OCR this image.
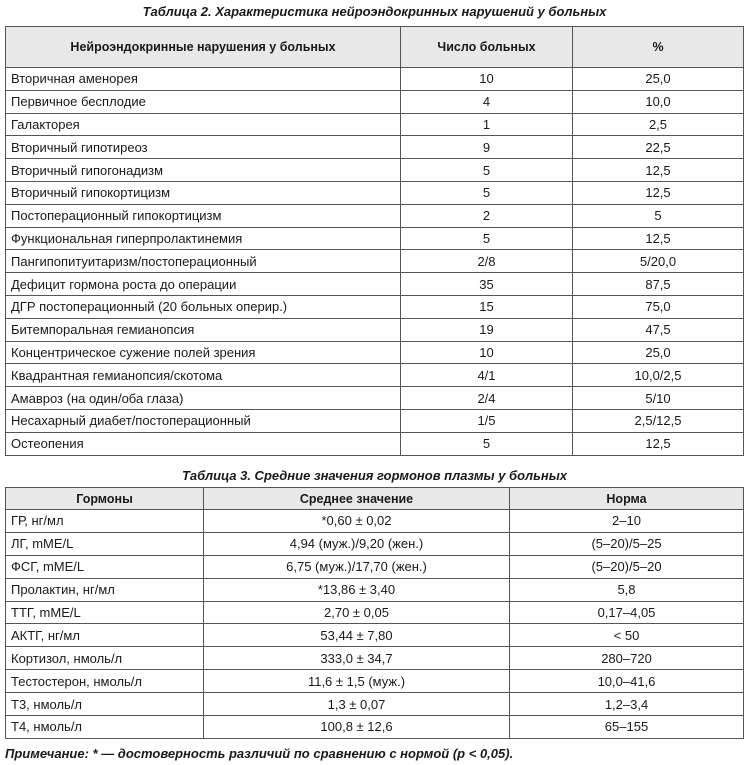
Таблица 2. Характеристика нейроэндокринных нарушений у больных
Нейроэндокринные нарушения у больных	Число больных	%
Вторичная аменорея	10	25,0
Первичное бесплодие	4	10,0
Галакторея	1	2,5
Вторичный гипотиреоз	9	22,5
Вторичный гипогонадизм	5	12,5
Вторичный гипокортицизм	5	12,5
Постоперационный гипокортицизм	2	5
Функциональная гиперпролактинемия	5	12,5
Пангипопитуитаризм/постоперационный	2/8	5/20,0
Дефицит гормона роста до операции	35	87,5
ДГР постоперационный (20 больных оперир.)	15	75,0
Битемпоральная гемианопсия	19	47,5
Концентрическое сужение полей зрения	10	25,0
Квадрантная гемианопсия/скотома	4/1	10,0/2,5
Амавроз (на один/оба глаза)	2/4	5/10
Несахарный диабет/постоперационный	1/5	2,5/12,5
Остеопения	5	12,5
Таблица 3. Средние значения гормонов плазмы у больных
Гормоны	Среднее значение	Норма
ГР, нг/мл	*0,60 ± 0,02	2–10
ЛГ, mME/L	4,94 (муж.)/9,20 (жен.)	(5–20)/5–25
ФСГ, mME/L	6,75 (муж.)/17,70 (жен.)	(5–20)/5–20
Пролактин, нг/мл	*13,86 ± 3,40	5,8
ТТГ, mME/L	2,70 ± 0,05	0,17–4,05
АКТГ, нг/мл	53,44 ± 7,80	< 50
Кортизол, нмоль/л	333,0 ± 34,7	280–720
Тестостерон, нмоль/л	11,6 ± 1,5 (муж.)	10,0–41,6
T3, нмоль/л	1,3 ± 0,07	1,2–3,4
T4, нмоль/л	100,8 ± 12,6	65–155
Примечание: * — достоверность различий по сравнению с нормой (p < 0,05).
